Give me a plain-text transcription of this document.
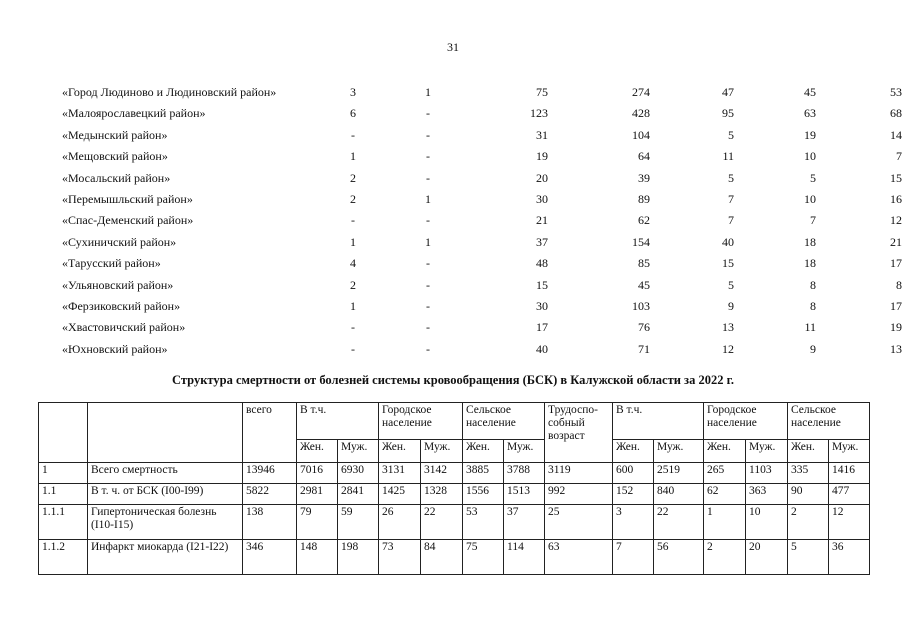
31
«Город Людиново и Людиновский район»	3	1	75	274	47	45	53
«Малоярославецкий район»	6	-	123	428	95	63	68
«Медынский район»	-	-	31	104	5	19	14
«Мещовский район»	1	-	19	64	11	10	7
«Мосальский район»	2	-	20	39	5	5	15
«Перемышльский район»	2	1	30	89	7	10	16
«Спас-Деменский район»	-	-	21	62	7	7	12
«Сухиничский район»	1	1	37	154	40	18	21
«Тарусский район»	4	-	48	85	15	18	17
«Ульяновский район»	2	-	15	45	5	8	8
«Ферзиковский район»	1	-	30	103	9	8	17
«Хвастовичский район»	-	-	17	76	13	11	19
«Юхновский район»	-	-	40	71	12	9	13
Структура смертности от болезней системы кровообращения (БСК) в Калужской области за 2022 г.
		всего	В т.ч.		Городское население		Сельское население		Трудоспо-собный возраст	В т.ч.		Городское население		Сельское население	
			Жен.	Муж.	Жен.	Муж.	Жен.	Муж.		Жен.	Муж.	Жен.	Муж.	Жен.	Муж.
1	Всего смертность	13946	7016	6930	3131	3142	3885	3788	3119	600	2519	265	1103	335	1416
1.1	В т. ч. от БСК (I00-I99)	5822	2981	2841	1425	1328	1556	1513	992	152	840	62	363	90	477
1.1.1	Гипертоническая болезнь (I10-I15)	138	79	59	26	22	53	37	25	3	22	1	10	2	12
1.1.2	Инфаркт миокарда (I21-I22)	346	148	198	73	84	75	114	63	7	56	2	20	5	36
